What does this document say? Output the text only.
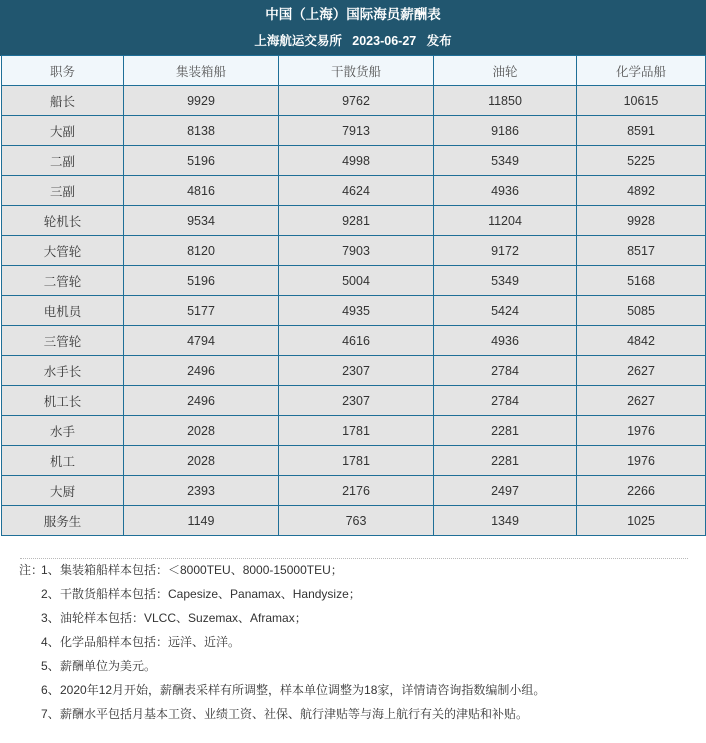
中国（上海）国际海员薪酬表
上海航运交易所   2023-06-27   发布
职务	集装箱船	干散货船	油轮	化学品船
船长	9929	9762	11850	10615
大副	8138	7913	9186	8591
二副	5196	4998	5349	5225
三副	4816	4624	4936	4892
轮机长	9534	9281	11204	9928
大管轮	8120	7903	9172	8517
二管轮	5196	5004	5349	5168
电机员	5177	4935	5424	5085
三管轮	4794	4616	4936	4842
水手长	2496	2307	2784	2627
机工长	2496	2307	2784	2627
水手	2028	1781	2281	1976
机工	2028	1781	2281	1976
大厨	2393	2176	2497	2266
服务生	1149	763	1349	1025
注：
1、 集装箱船样本包括：＜8000TEU、8000-15000TEU；
2、 干散货船样本包括：Capesize、Panamax、Handysize；
3、 油轮样本包括：VLCC、Suzemax、Aframax；
4、 化学品船样本包括：远洋、近洋。
5、 薪酬单位为美元。
6、 2020年12月开始，薪酬表采样有所调整，样本单位调整为18家，详情请咨询指数编制小组。
7、 薪酬水平包括月基本工资、业绩工资、社保、航行津贴等与海上航行有关的津贴和补贴。
